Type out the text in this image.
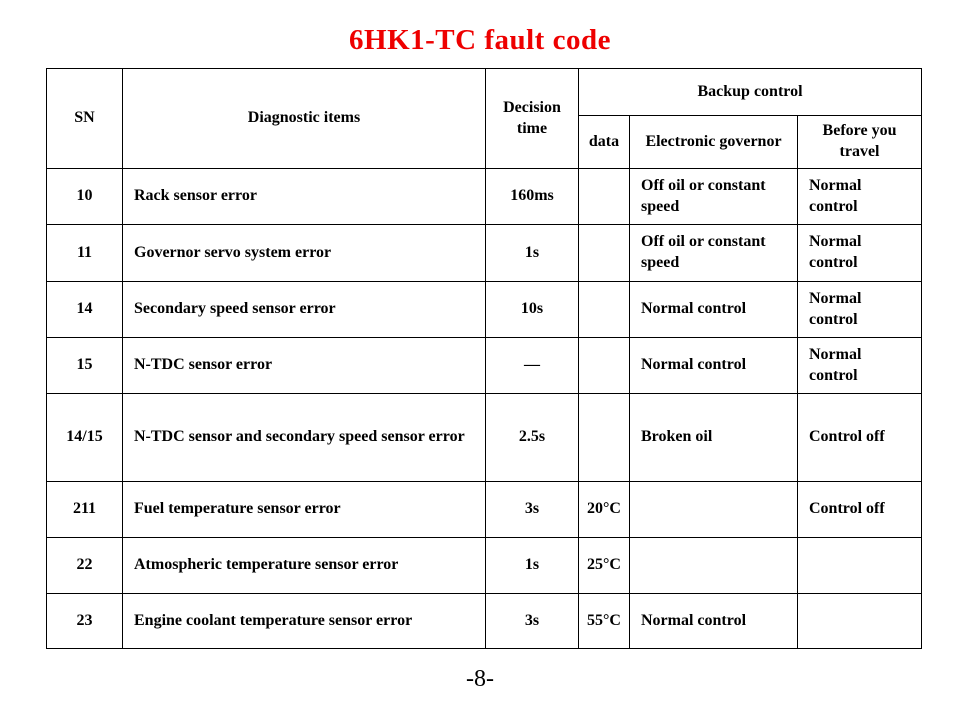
6HK1-TC fault code
SN	Diagnostic items	Decision time	Backup control		
			data	Electronic governor	Before you travel
10	Rack sensor error	160ms		Off oil or constant speed	Normal control
11	Governor servo system error	1s		Off oil or constant speed	Normal control
14	Secondary speed sensor error	10s		Normal control	Normal control
15	N-TDC sensor error	—		Normal control	Normal control
14/15	N-TDC sensor and secondary speed sensor error	2.5s		Broken oil	Control off
211	Fuel temperature sensor error	3s	20°C		Control off
22	Atmospheric temperature sensor error	1s	25°C		
23	Engine coolant temperature sensor error	3s	55°C	Normal control	
-8-
